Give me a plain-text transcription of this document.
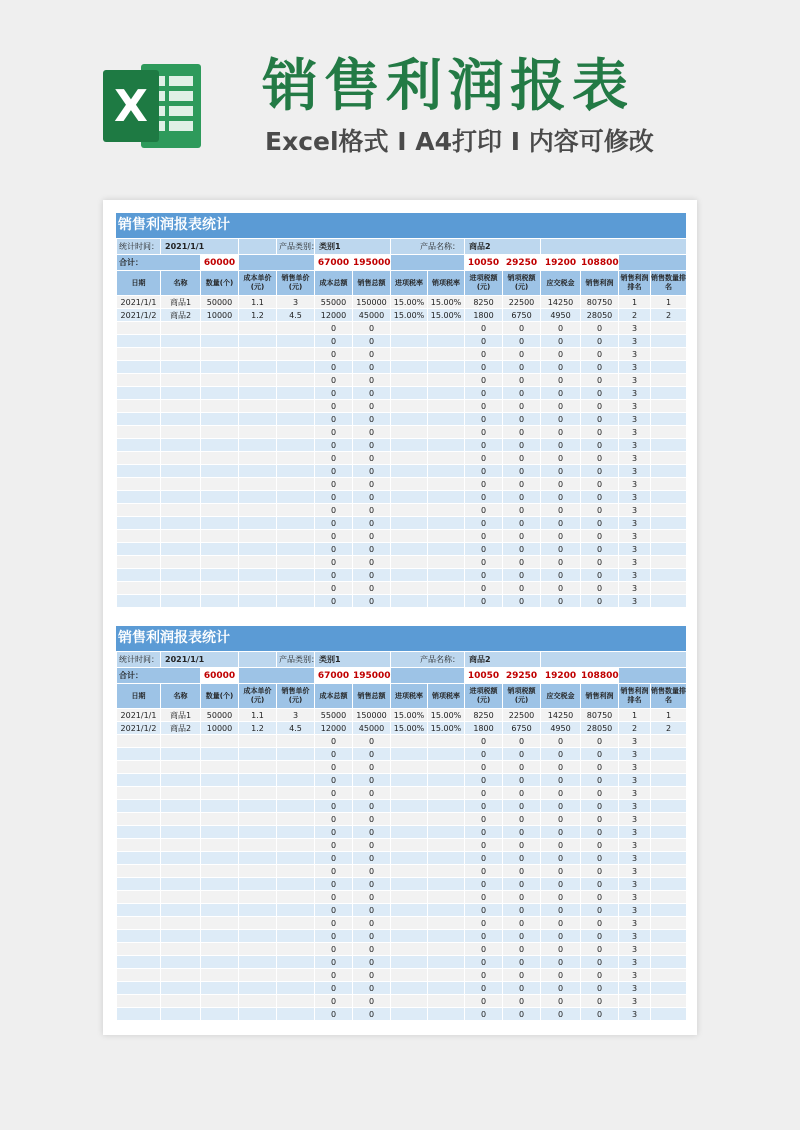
X 销售利润报表
Excel格式 I A4打印 I 内容可修改
销售利润报表统计
统计时间：	2021/1/1			产品类别：	类别1		产品名称：		商品2					
合计：		60000			67000	195000			10050	29250	19200	108800		
日期	名称	数量(个)	成本单价(元)	销售单价(元)	成本总额	销售总额	进项税率	销项税率	进项税额(元)	销项税额(元)	应交税金	销售利润	销售利润排名	销售数量排名
2021/1/1	商品1	50000	1.1	3	55000	150000	15.00%	15.00%	8250	22500	14250	80750	1	1
2021/1/2	商品2	10000	1.2	4.5	12000	45000	15.00%	15.00%	1800	6750	4950	28050	2	2
					0	0			0	0	0	0	3	
					0	0			0	0	0	0	3	
					0	0			0	0	0	0	3	
					0	0			0	0	0	0	3	
					0	0			0	0	0	0	3	
					0	0			0	0	0	0	3	
					0	0			0	0	0	0	3	
					0	0			0	0	0	0	3	
					0	0			0	0	0	0	3	
					0	0			0	0	0	0	3	
					0	0			0	0	0	0	3	
					0	0			0	0	0	0	3	
					0	0			0	0	0	0	3	
					0	0			0	0	0	0	3	
					0	0			0	0	0	0	3	
					0	0			0	0	0	0	3	
					0	0			0	0	0	0	3	
					0	0			0	0	0	0	3	
					0	0			0	0	0	0	3	
					0	0			0	0	0	0	3	
					0	0			0	0	0	0	3	
					0	0			0	0	0	0	3	
销售利润报表统计
统计时间：	2021/1/1			产品类别：	类别1		产品名称：		商品2					
合计：		60000			67000	195000			10050	29250	19200	108800		
日期	名称	数量(个)	成本单价(元)	销售单价(元)	成本总额	销售总额	进项税率	销项税率	进项税额(元)	销项税额(元)	应交税金	销售利润	销售利润排名	销售数量排名
2021/1/1	商品1	50000	1.1	3	55000	150000	15.00%	15.00%	8250	22500	14250	80750	1	1
2021/1/2	商品2	10000	1.2	4.5	12000	45000	15.00%	15.00%	1800	6750	4950	28050	2	2
					0	0			0	0	0	0	3	
					0	0			0	0	0	0	3	
					0	0			0	0	0	0	3	
					0	0			0	0	0	0	3	
					0	0			0	0	0	0	3	
					0	0			0	0	0	0	3	
					0	0			0	0	0	0	3	
					0	0			0	0	0	0	3	
					0	0			0	0	0	0	3	
					0	0			0	0	0	0	3	
					0	0			0	0	0	0	3	
					0	0			0	0	0	0	3	
					0	0			0	0	0	0	3	
					0	0			0	0	0	0	3	
					0	0			0	0	0	0	3	
					0	0			0	0	0	0	3	
					0	0			0	0	0	0	3	
					0	0			0	0	0	0	3	
					0	0			0	0	0	0	3	
					0	0			0	0	0	0	3	
					0	0			0	0	0	0	3	
					0	0			0	0	0	0	3	
